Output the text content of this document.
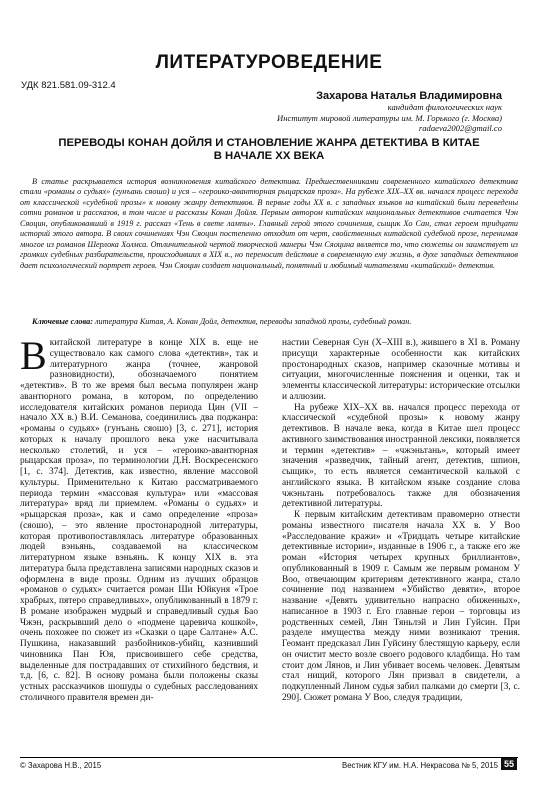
ЛИТЕРАТУРОВЕДЕНИЕ
УДК 821.581.09-312.4
Захарова Наталья Владимировна
кандидат филологических наук
Институт мировой литературы им. М. Горького (г. Москва)
radaeva2002@gmail.co
ПЕРЕВОДЫ КОНАН ДОЙЛЯ И СТАНОВЛЕНИЕ ЖАНРА ДЕТЕКТИВА В КИТАЕ
В НАЧАЛЕ ХХ ВЕКА

В статье раскрывается история возникновения китайского детектива. Предшественниками современного китайского детектива стали «романы о судьях» (гунъань сяошо) и уся – «героико-авантюрная рыцарская проза». На рубеже XIX–XX вв. начался процесс перехода от классической «судебной прозы» к новому жанру детективов. В первые годы XX в. с западных языков на китайский были переведены сотни романов и рассказов, в том числе и рассказы Конан Дойля. Первым автором китайских национальных детективов считается Чэн Сяоцин, опубликовавший в 1919 г. рассказ «Тень в свете лампы». Главный герой этого сочинения, сыщик Хо Сан, стал героем тридцати историй этого автора. В своих сочинениях Чэн Сяоцин постепенно отходит от черт, свойственных китайской судебной прозе, перенимая многое из романов Шерлока Холмса. Отличительной чертой творческой манеры Чэн Сяоцина является то, что сюжеты он заимствует из громких судебных разбирательств, происходивших в XIX в., но переносит действие в современную ему жизнь, в духе западных детективов дает психологический портрет героев. Чэн Сяоцин создает национальный, понятный и любимый читателями «китайский» детектив.

Ключевые слова: литература Китая, А. Конан Дойл, детектив, переводы западной прозы, судебный роман.

Вкитайской литературе в конце XIX в. еще не существовало как самого слова «детектив», так и литературного жанра (точнее, жанровой разновидности), обозначаемого понятием «детектив». В то же время был весьма популярен жанр авантюрного романа, в котором, по определению исследователя китайских романов периода Цин (VII – начало XX в.) В.И. Семанова, соединились два поджанра: «романы о судьях» (гунъань сяошо) [3, с. 271], история которых к началу прошлого века уже насчитывала несколько столетий, и уся – «героико-авантюрная рыцарская проза», по терминологии Д.Н. Воскресенского [1, с. 374]. Детектив, как известно, явление массовой культуры. Применительно к Китаю рассматриваемого периода термин «массовая культура» или «массовая литература» вряд ли приемлем. «Романы о судьях» и «рыцарская проза», как и само определение «проза» (сяошо), – это явление простонародной литературы, которая противопоставлялась литературе образованных людей вэньянь, создаваемой на классическом литературном языке вэньянь. К концу XIX в. эта литература была представлена записями народных сказов и оформлена в виде прозы. Одним из лучших образцов «романов о судьях» считается роман Ши Юйкуня «Трое храбрых, пятеро справедливых», опубликованный в 1879 г. В романе изображен мудрый и справедливый судья Бао Чжэн, раскрывший дело о «подмене царевича кошкой», очень похожее по сюжет из «Сказки о царе Салтане» А.С. Пушкина, наказавший разбойников-убийц, казнивший чиновника Пан Юя, присвоившего себе средства, выделенные для пострадавших от стихийного бедствия, и т.д. [6, с. 82]. В основу романа были положены сказы устных рассказчиков шошуды о судебных расследованиях столичного правителя времен ди-

настии Северная Сун (Х–XIII в.), жившего в XI в. Роману присущи характерные особенности как китайских простонародных сказов, например сказочные мотивы и ситуации, многочисленные пояснения и оценки, так и элементы классической литературы: исторические отсылки и аллюзии.

На рубеже XIX–XX вв. начался процесс перехода от классической «судебной прозы» к новому жанру детективов. В начале века, когда в Китае шел процесс активного заимствования иностранной лексики, появляется и термин «детектив» – «чжэньтань», который имеет значения «разведчик, тайный агент, детектив, шпион, сыщик», то есть является семантической калькой с английского языка. В китайском языке создание слова чжэньтань потребовалось также для обозначения детективной литературы.

К первым китайским детективам правомерно отнести романы известного писателя начала XX в. У Воо «Расследование кражи» и «Тридцать четыре китайские детективные истории», изданные в 1906 г., а также его же роман «История четырех крупных бриллиантов», опубликованный в 1909 г. Самым же первым романом У Воо, отвечающим критериям детективного жанра, стало сочинение под названием «Убийство девяти», второе название «Девять удивительно напрасно обиженных», написанное в 1903 г. Его главные герои – торговцы из родственных семей, Лян Тяньлэй и Лин Гуйсин. При разделе имущества между ними возникают трения. Геомант предсказал Лин Гуйсину блестящую карьеру, если он очистит место возле своего родового кладбища. Но там стоит дом Лянов, и Лин убивает восемь человек. Девятым стал нищий, которого Лян призвал в свидетели, а подкупленный Лином судья забил палками до смерти [3, с. 290]. Сюжет романа У Воо, следуя традиции,

© Захарова Н.В., 2015	Вестник КГУ им. Н.А. Некрасова № 5, 2015 55
